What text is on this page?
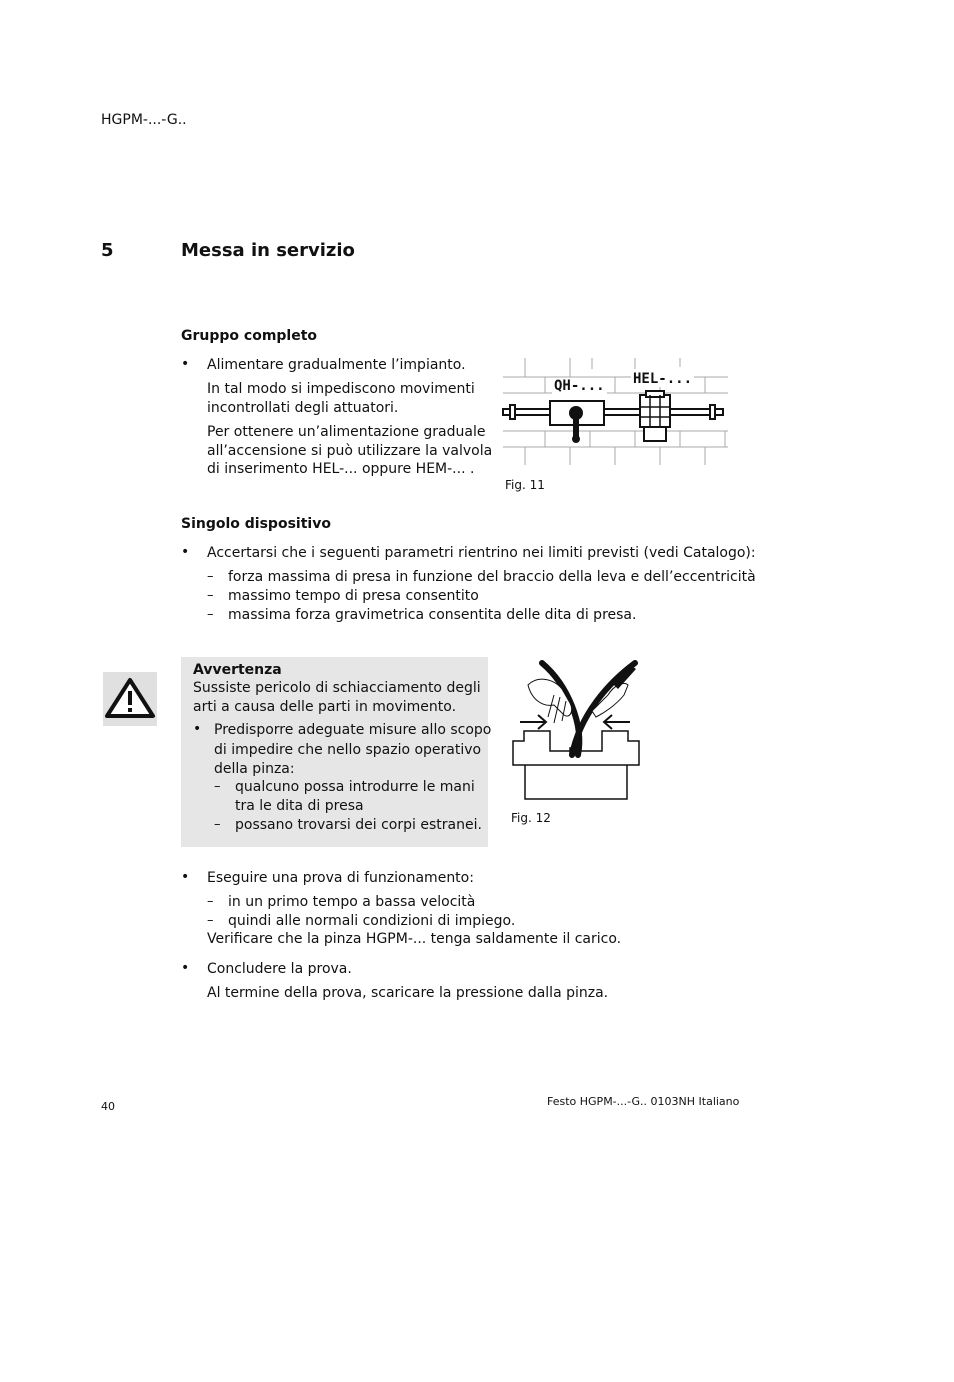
HGPM-...-G..
5	Messa in servizio
Gruppo completo
• Alimentare gradualmente l’impianto.
In tal modo si impediscono movimenti
incontrollati degli attuatori.
Per ottenere un’alimentazione graduale
all’accensione si può utilizzare la valvola
di inserimento HEL-... oppure HEM-... .
QH-... HEL-...
Fig. 11
Singolo dispositivo
• Accertarsi che i seguenti parametri rientrino nei limiti previsti (vedi Catalogo):
– forza massima di presa in funzione del braccio della leva e dell’eccentricità
– massimo tempo di presa consentito
– massima forza gravimetrica consentita delle dita di presa.
Avvertenza
Sussiste pericolo di schiacciamento degli
arti a causa delle parti in movimento.
• Predisporre adeguate misure allo scopo
di impedire che nello spazio operativo
della pinza:
– qualcuno possa introdurre le mani
tra le dita di presa
– possano trovarsi dei corpi estranei. Fig. 12
• Eseguire una prova di funzionamento:
– in un primo tempo a bassa velocità
– quindi alle normali condizioni di impiego.
Verificare che la pinza HGPM-... tenga saldamente il carico.
• Concludere la prova.
Al termine della prova, scaricare la pressione dalla pinza.
40	Festo HGPM-...-G.. 0103NH Italiano
